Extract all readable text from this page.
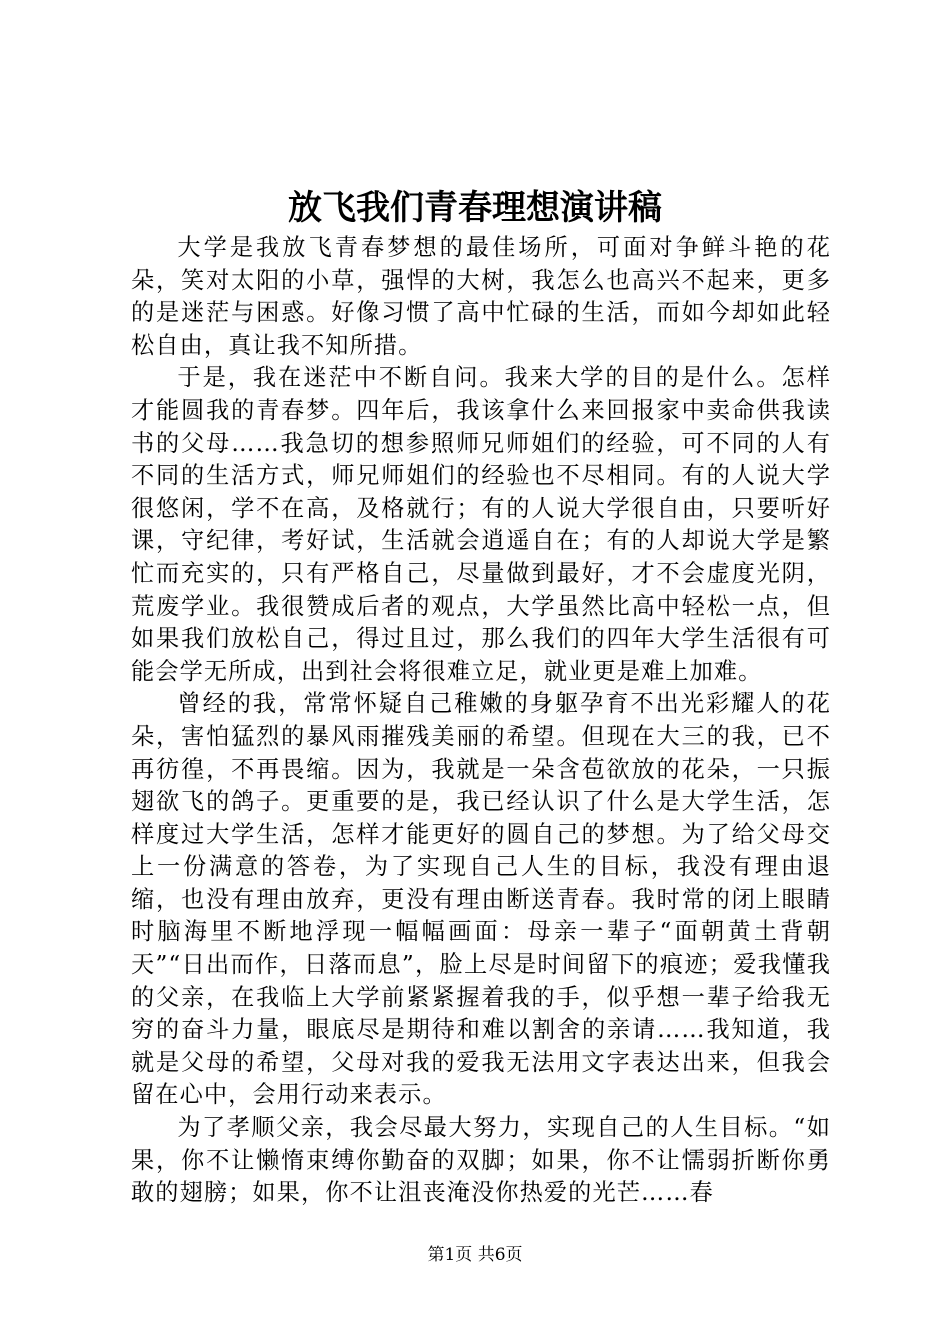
放飞我们青春理想演讲稿

大学是我放飞青春梦想的最佳场所，可面对争鲜斗艳的花朵，笑对太阳的小草，强悍的大树，我怎么也高兴不起来，更多的是迷茫与困惑。好像习惯了高中忙碌的生活，而如今却如此轻松自由，真让我不知所措。

于是，我在迷茫中不断自问。我来大学的目的是什么。怎样才能圆我的青春梦。四年后，我该拿什么来回报家中卖命供我读书的父母……我急切的想参照师兄师姐们的经验，可不同的人有不同的生活方式，师兄师姐们的经验也不尽相同。有的人说大学很悠闲，学不在高，及格就行；有的人说大学很自由，只要听好课，守纪律，考好试，生活就会逍遥自在；有的人却说大学是繁忙而充实的，只有严格自己，尽量做到最好，才不会虚度光阴，荒废学业。我很赞成后者的观点，大学虽然比高中轻松一点，但如果我们放松自己，得过且过，那么我们的四年大学生活很有可能会学无所成，出到社会将很难立足，就业更是难上加难。

曾经的我，常常怀疑自己稚嫩的身躯孕育不出光彩耀人的花朵，害怕猛烈的暴风雨摧残美丽的希望。但现在大三的我，已不再彷徨，不再畏缩。因为，我就是一朵含苞欲放的花朵，一只振翅欲飞的鸽子。更重要的是，我已经认识了什么是大学生活，怎样度过大学生活，怎样才能更好的圆自己的梦想。为了给父母交上一份满意的答卷，为了实现自己人生的目标，我没有理由退缩，也没有理由放弃，更没有理由断送青春。我时常的闭上眼睛时脑海里不断地浮现一幅幅画面：母亲一辈子“面朝黄土背朝天”“日出而作，日落而息”，脸上尽是时间留下的痕迹；爱我懂我的父亲，在我临上大学前紧紧握着我的手，似乎想一辈子给我无穷的奋斗力量，眼底尽是期待和难以割舍的亲请……我知道，我就是父母的希望，父母对我的爱我无法用文字表达出来，但我会留在心中，会用行动来表示。

为了孝顺父亲，我会尽最大努力，实现自己的人生目标。“如果，你不让懒惰束缚你勤奋的双脚；如果，你不让懦弱折断你勇敢的翅膀；如果，你不让沮丧淹没你热爱的光芒……春

第1页 共6页
